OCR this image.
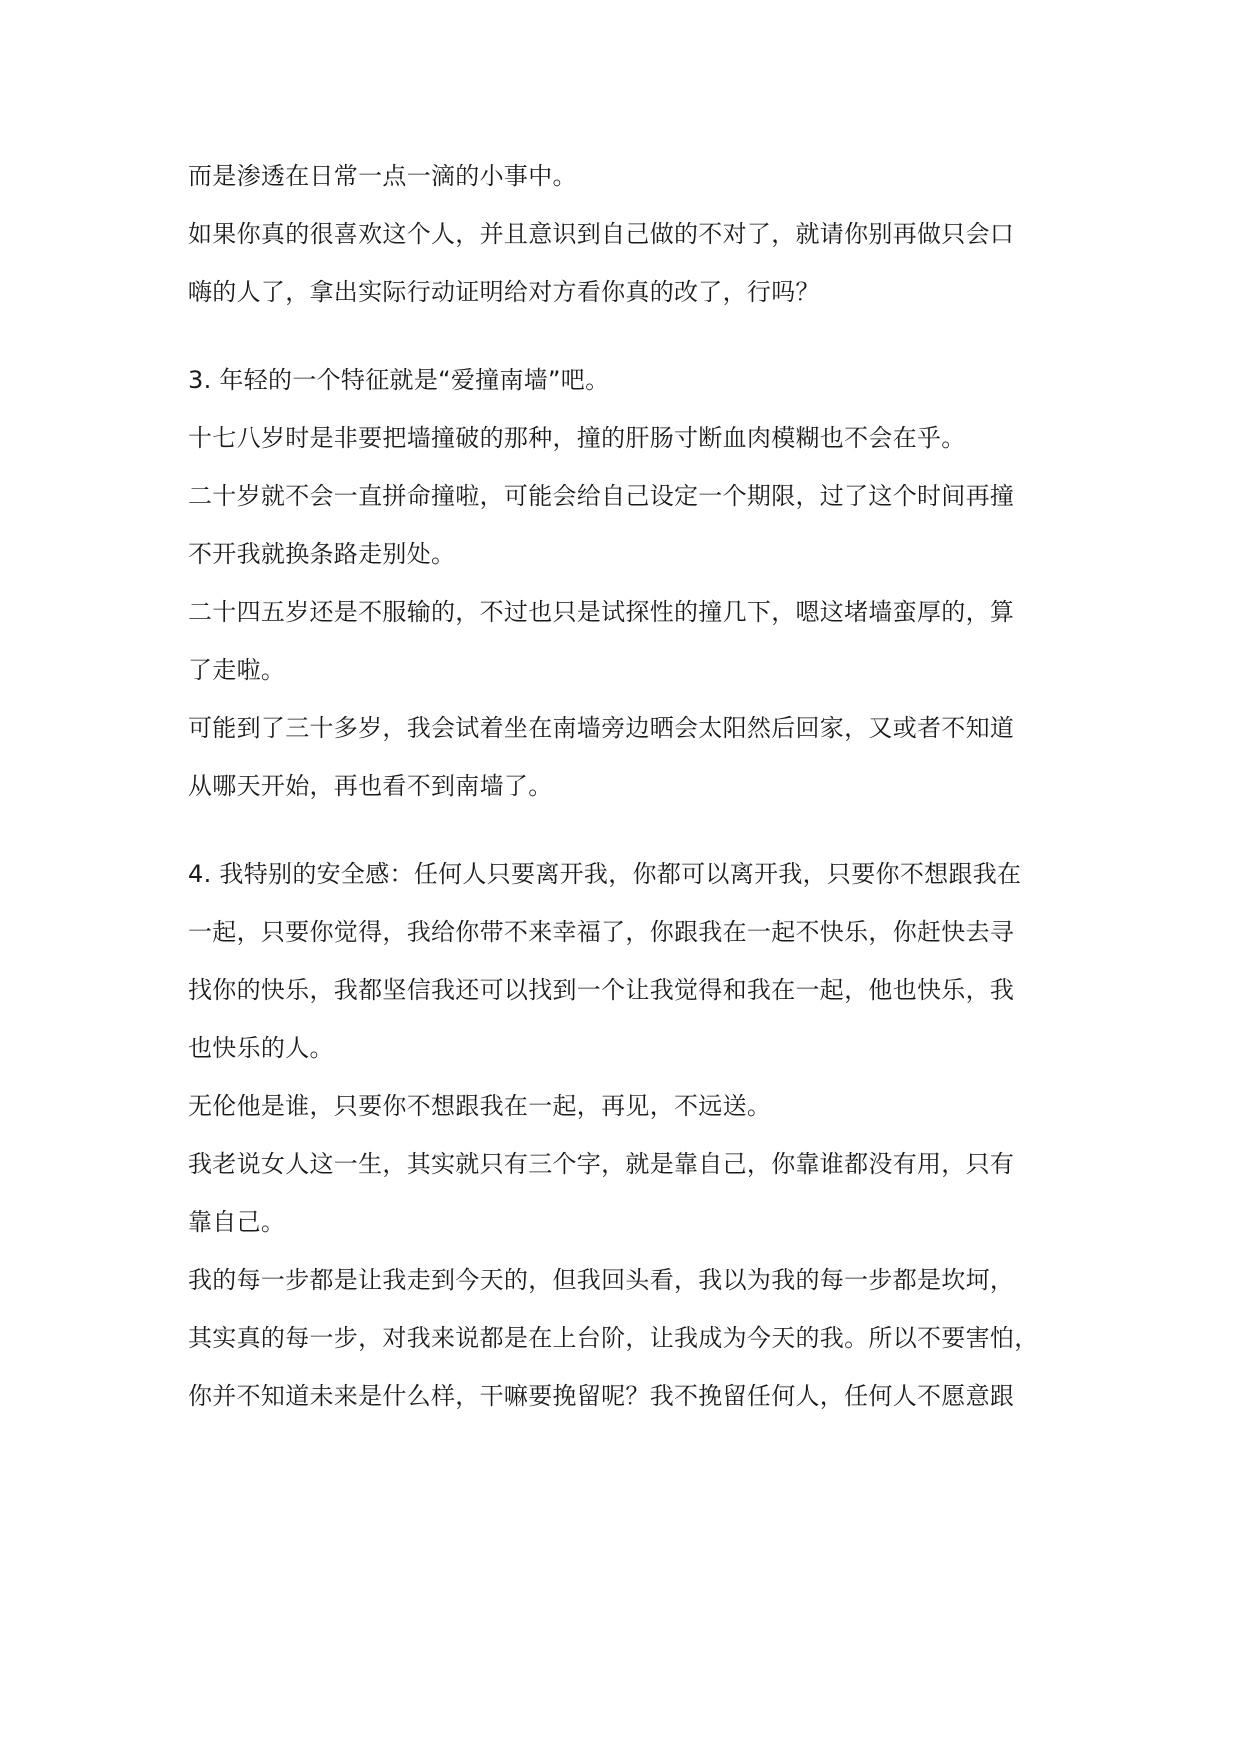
而是渗透在日常一点一滴的小事中。

如果你真的很喜欢这个人，并且意识到自己做的不对了，就请你别再做只会口

嗨的人了，拿出实际行动证明给对方看你真的改了，行吗？

3. 年轻的一个特征就是“爱撞南墙”吧。

十七八岁时是非要把墙撞破的那种，撞的肝肠寸断血肉模糊也不会在乎。

二十岁就不会一直拼命撞啦，可能会给自己设定一个期限，过了这个时间再撞

不开我就换条路走别处。

二十四五岁还是不服输的，不过也只是试探性的撞几下，嗯这堵墙蛮厚的，算

了走啦。

可能到了三十多岁，我会试着坐在南墙旁边晒会太阳然后回家，又或者不知道

从哪天开始，再也看不到南墙了。

4. 我特别的安全感：任何人只要离开我，你都可以离开我，只要你不想跟我在

一起，只要你觉得，我给你带不来幸福了，你跟我在一起不快乐，你赶快去寻

找你的快乐，我都坚信我还可以找到一个让我觉得和我在一起，他也快乐，我

也快乐的人。

无伦他是谁，只要你不想跟我在一起，再见，不远送。

我老说女人这一生，其实就只有三个字，就是靠自己，你靠谁都没有用，只有

靠自己。

我的每一步都是让我走到今天的，但我回头看，我以为我的每一步都是坎坷，

其实真的每一步，对我来说都是在上台阶，让我成为今天的我。所以不要害怕，

你并不知道未来是什么样，干嘛要挽留呢？我不挽留任何人，任何人不愿意跟
